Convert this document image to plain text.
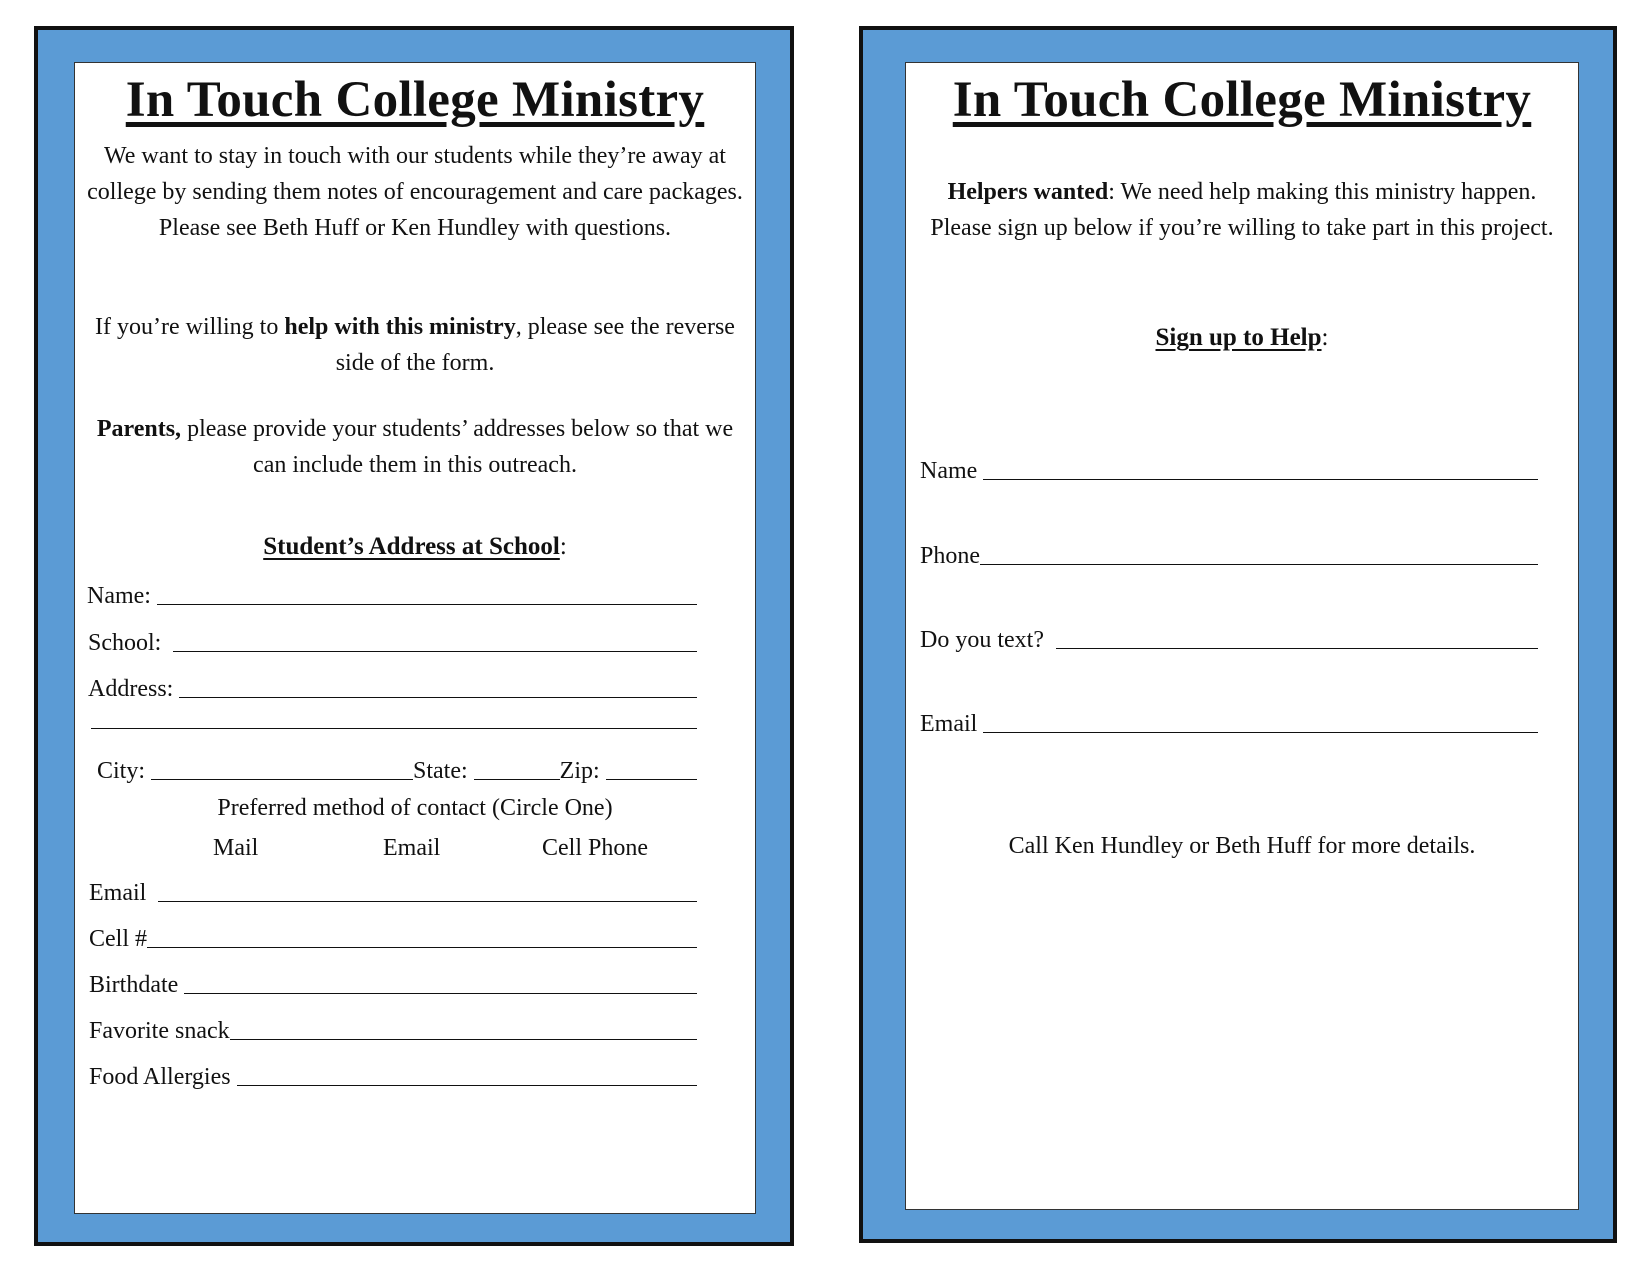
In Touch College Ministry
We want to stay in touch with our students while they’re away at college by sending them notes of encouragement and care packages. Please see Beth Huff or Ken Hundley with questions.
If you’re willing to help with this ministry, please see the reverse side of the form.
Parents, please provide your students’ addresses below so that we can include them in this outreach.
Student’s Address at School:
Name:
School:
Address:
City:	State:	Zip:
Preferred method of contact (Circle One)
Mail	Email	Cell Phone
Email
Cell #
Birthdate
Favorite snack
Food Allergies
In Touch College Ministry
Helpers wanted: We need help making this ministry happen. Please sign up below if you’re willing to take part in this project.
Sign up to Help:
Name
Phone
Do you text?
Email
Call Ken Hundley or Beth Huff for more details.
